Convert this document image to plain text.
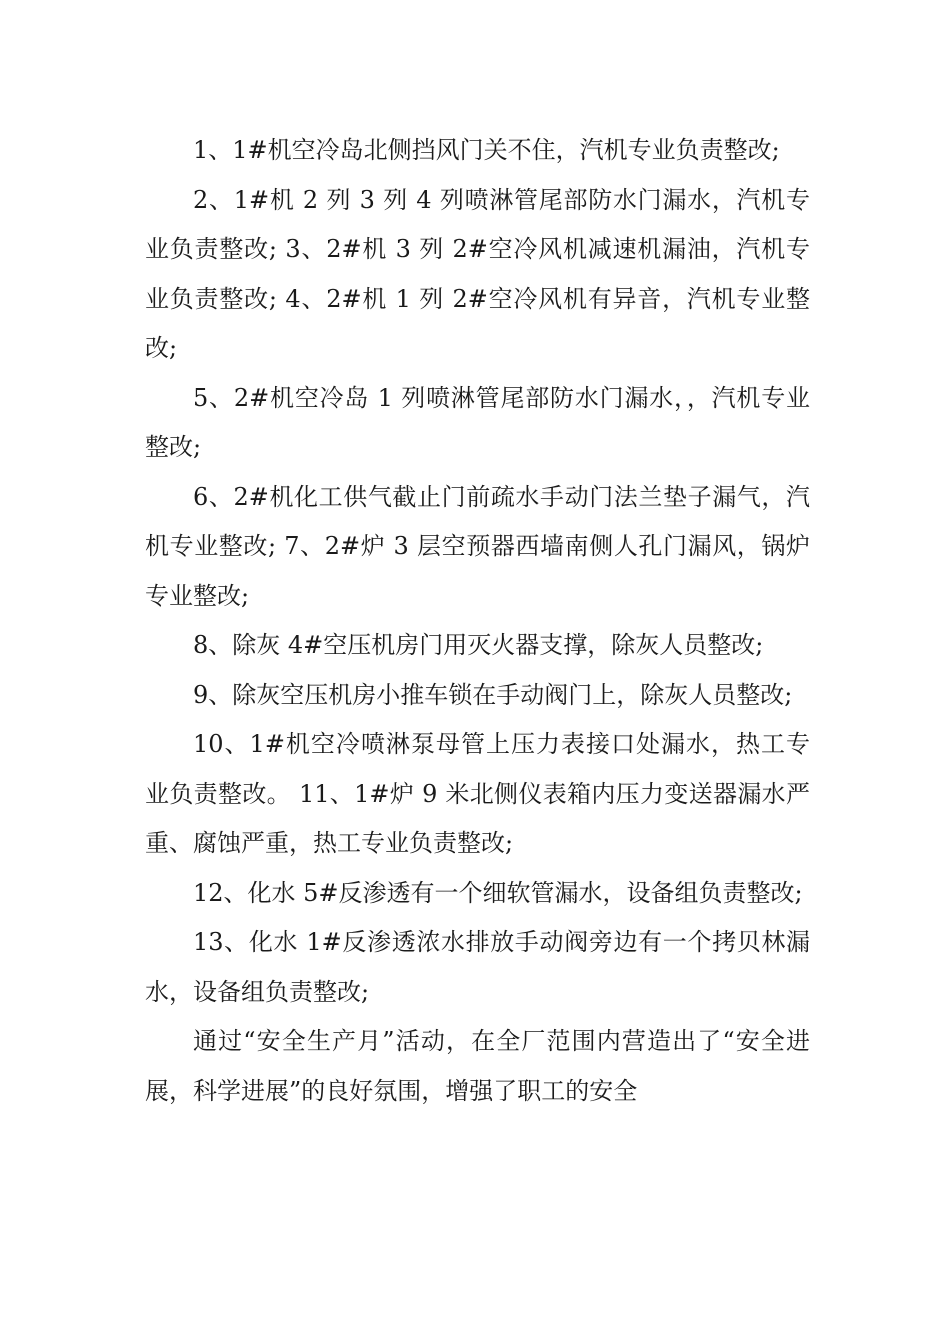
1、1#机空冷岛北侧挡风门关不住，汽机专业负责整改;

2、1#机 2 列 3 列 4 列喷淋管尾部防水门漏水，汽机专业负责整改; 3、2#机 3 列 2#空冷风机减速机漏油，汽机专业负责整改; 4、2#机 1 列 2#空冷风机有异音，汽机专业整改;

5、2#机空冷岛 1 列喷淋管尾部防水门漏水，，汽机专业整改;

6、2#机化工供气截止门前疏水手动门法兰垫子漏气，汽机专业整改; 7、2#炉 3 层空预器西墙南侧人孔门漏风，锅炉专业整改;

8、除灰 4#空压机房门用灭火器支撑，除灰人员整改;

9、除灰空压机房小推车锁在手动阀门上，除灰人员整改;

10、1#机空冷喷淋泵母管上压力表接口处漏水，热工专业负责整改。 11、1#炉 9 米北侧仪表箱内压力变送器漏水严重、腐蚀严重，热工专业负责整改;

12、化水 5#反渗透有一个细软管漏水，设备组负责整改;

13、化水 1#反渗透浓水排放手动阀旁边有一个拷贝林漏水，设备组负责整改;

通过“安全生产月”活动，在全厂范围内营造出了“安全进展，科学进展”的良好氛围，增强了职工的安全
